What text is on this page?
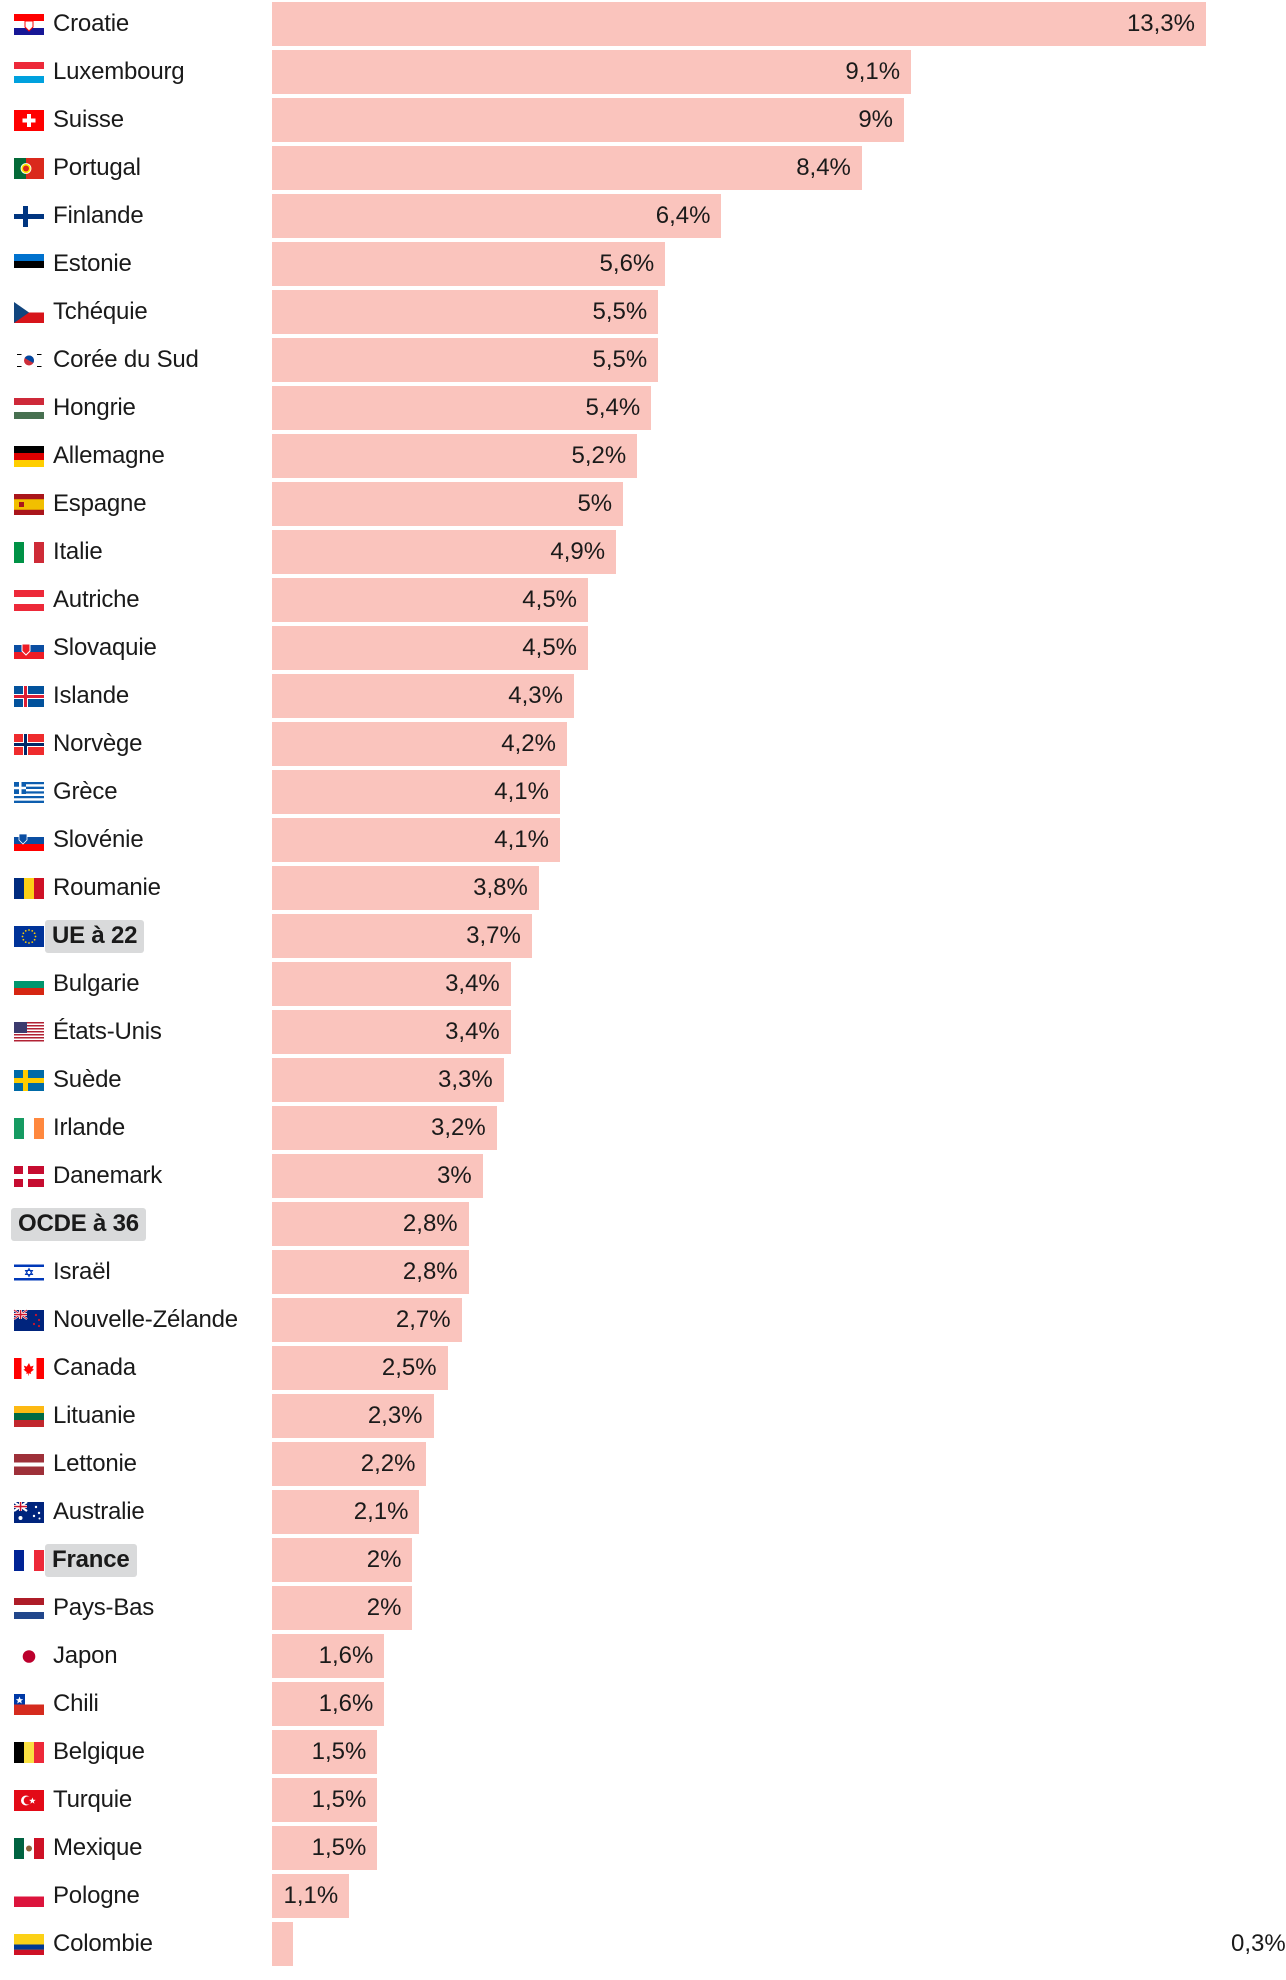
Croatie	13,3%
Luxembourg	9,1%
Suisse	9%
Portugal	8,4%
Finlande	6,4%
Estonie	5,6%
Tchéquie	5,5%
Corée du Sud	5,5%
Hongrie	5,4%
Allemagne	5,2%
Espagne	5%
Italie	4,9%
Autriche	4,5%
Slovaquie	4,5%
Islande	4,3%
Norvège	4,2%
Grèce	4,1%
Slovénie	4,1%
Roumanie	3,8%
UE à 22	3,7%
Bulgarie	3,4%
États-Unis	3,4%
Suède	3,3%
Irlande	3,2%
Danemark	3%
OCDE à 36	2,8%
Israël	2,8%
Nouvelle-Zélande	2,7%
Canada	2,5%
Lituanie	2,3%
Lettonie	2,2%
Australie	2,1%
France	2%
Pays-Bas	2%
Japon	1,6%
Chili	1,6%
Belgique	1,5%
Turquie	1,5%
Mexique	1,5%
Pologne	1,1%
Colombie	0,3%
